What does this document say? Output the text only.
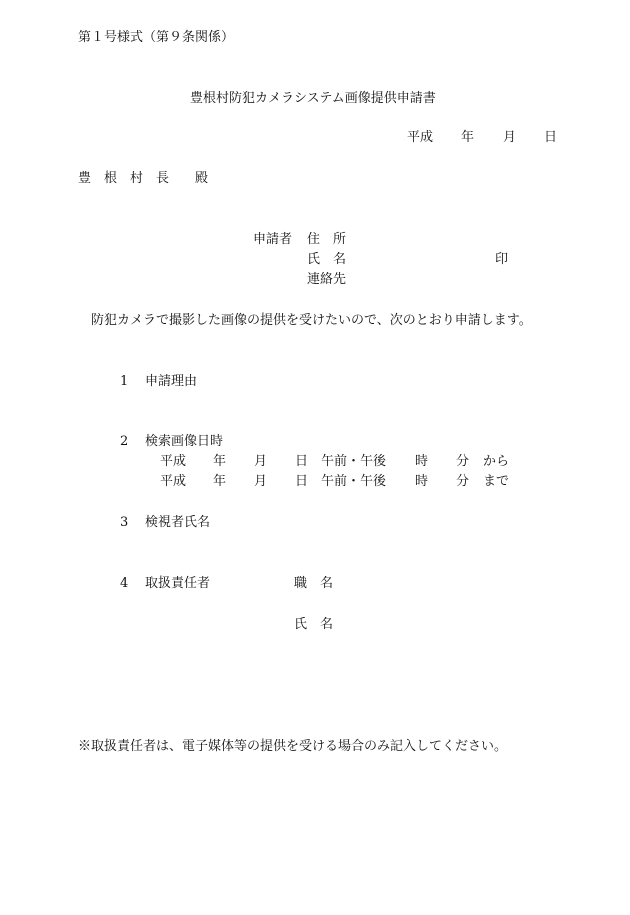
第１号様式（第９条関係）
豊根村防犯カメラシステム画像提供申請書
平成 年 月 日
豊　根　村　長　　殿
申請者 住　所
氏　名	印
連絡先
防犯カメラで撮影した画像の提供を受けたいので、次のとおり申請します。
1 申請理由
2 検索画像日時
平成 年 月 日 午前・午後 時 分 から
平成 年 月 日 午前・午後 時 分 まで
3 検視者氏名
4 取扱責任者	職　名
氏　名
※取扱責任者は、電子媒体等の提供を受ける場合のみ記入してください。
